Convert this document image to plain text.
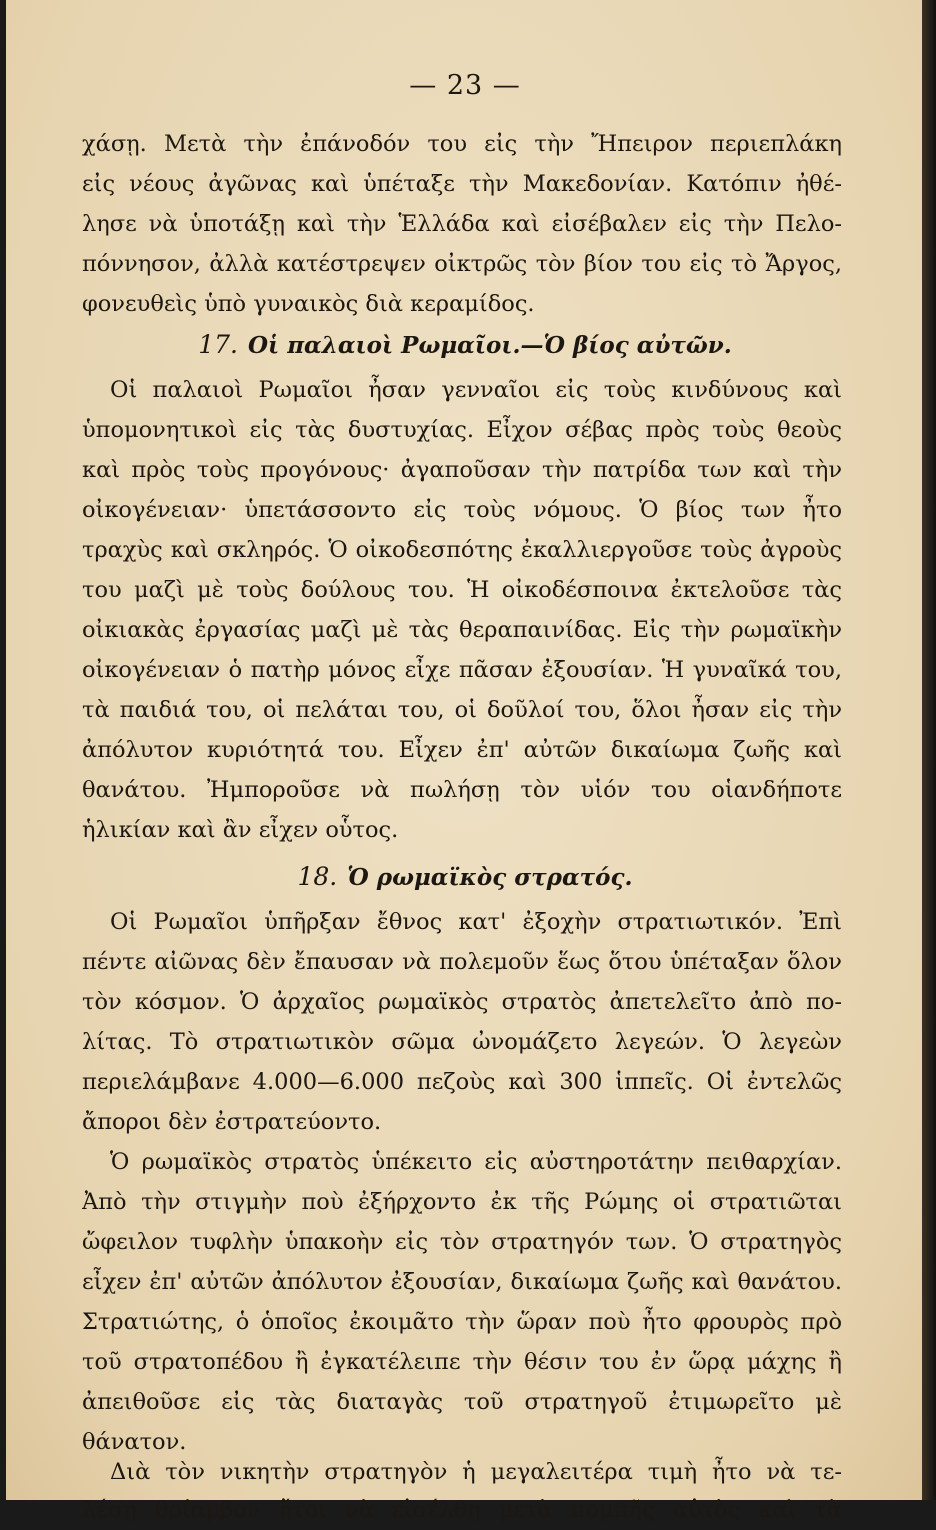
— 23 —
χάσῃ. Μετὰ τὴν ἐπάνοδόν του εἰς τὴν Ἤπειρον περιεπλάκη
εἰς νέους ἀγῶνας καὶ ὑπέταξε τὴν Μακεδονίαν. Κατόπιν ἠθέ-
λησε νὰ ὑποτάξῃ καὶ τὴν Ἑλλάδα καὶ εἰσέβαλεν εἰς τὴν Πελο-
πόννησον, ἀλλὰ κατέστρεψεν οἰκτρῶς τὸν βίον του εἰς τὸ Ἄργος,
φονευθεὶς ὑπὸ γυναικὸς διὰ κεραμίδος.
17. Οἱ παλαιοὶ Ρωμαῖοι.—Ὁ βίος αὐτῶν.
Οἱ παλαιοὶ Ρωμαῖοι ἦσαν γενναῖοι εἰς τοὺς κινδύνους καὶ
ὑπομονητικοὶ εἰς τὰς δυστυχίας. Εἶχον σέβας πρὸς τοὺς θεοὺς
καὶ πρὸς τοὺς προγόνους· ἀγαποῦσαν τὴν πατρίδα των καὶ τὴν
οἰκογένειαν· ὑπετάσσοντο εἰς τοὺς νόμους. Ὁ βίος των ἦτο
τραχὺς καὶ σκληρός. Ὁ οἰκοδεσπότης ἐκαλλιεργοῦσε τοὺς ἀγροὺς
του μαζὶ μὲ τοὺς δούλους του. Ἡ οἰκοδέσποινα ἐκτελοῦσε τὰς
οἰκιακὰς ἐργασίας μαζὶ μὲ τὰς θεραπαινίδας. Εἰς τὴν ρωμαϊκὴν
οἰκογένειαν ὁ πατὴρ μόνος εἶχε πᾶσαν ἐξουσίαν. Ἡ γυναῖκά του,
τὰ παιδιά του, οἱ πελάται του, οἱ δοῦλοί του, ὅλοι ἦσαν εἰς τὴν
ἀπόλυτον κυριότητά του. Εἶχεν ἐπ' αὐτῶν δικαίωμα ζωῆς καὶ
θανάτου. Ἠμποροῦσε νὰ πωλήσῃ τὸν υἱόν του οἱανδήποτε
ἡλικίαν καὶ ἂν εἶχεν οὗτος.
18. Ὁ ρωμαϊκὸς στρατός.
Οἱ Ρωμαῖοι ὑπῆρξαν ἔθνος κατ' ἐξοχὴν στρατιωτικόν. Ἐπὶ
πέντε αἰῶνας δὲν ἔπαυσαν νὰ πολεμοῦν ἕως ὅτου ὑπέταξαν ὅλον
τὸν κόσμον. Ὁ ἀρχαῖος ρωμαϊκὸς στρατὸς ἀπετελεῖτο ἀπὸ πο-
λίτας. Τὸ στρατιωτικὸν σῶμα ὠνομάζετο λεγεών. Ὁ λεγεὼν
περιελάμβανε 4.000—6.000 πεζοὺς καὶ 300 ἱππεῖς. Οἱ ἐντελῶς
ἄποροι δὲν ἐστρατεύοντο.
Ὁ ρωμαϊκὸς στρατὸς ὑπέκειτο εἰς αὐστηροτάτην πειθαρχίαν.
Ἀπὸ τὴν στιγμὴν ποὺ ἐξήρχοντο ἐκ τῆς Ρώμης οἱ στρατιῶται
ὤφειλον τυφλὴν ὑπακοὴν εἰς τὸν στρατηγόν των. Ὁ στρατηγὸς
εἶχεν ἐπ' αὐτῶν ἀπόλυτον ἐξουσίαν, δικαίωμα ζωῆς καὶ θανάτου.
Στρατιώτης, ὁ ὁποῖος ἐκοιμᾶτο τὴν ὥραν ποὺ ἦτο φρουρὸς πρὸ
τοῦ στρατοπέδου ἢ ἐγκατέλειπε τὴν θέσιν του ἐν ὥρᾳ μάχης ἢ
ἀπειθοῦσε εἰς τὰς διαταγὰς τοῦ στρατηγοῦ ἐτιμωρεῖτο μὲ
θάνατον.
Διὰ τὸν νικητὴν στρατηγὸν ἡ μεγαλειτέρα τιμὴ ἦτο νὰ τε-
λέσῃ θρίαμβον ἤτοι νὰ εἰσέλθῃ μετὰ πομπῆς αὐτὸς καὶ τὰ
